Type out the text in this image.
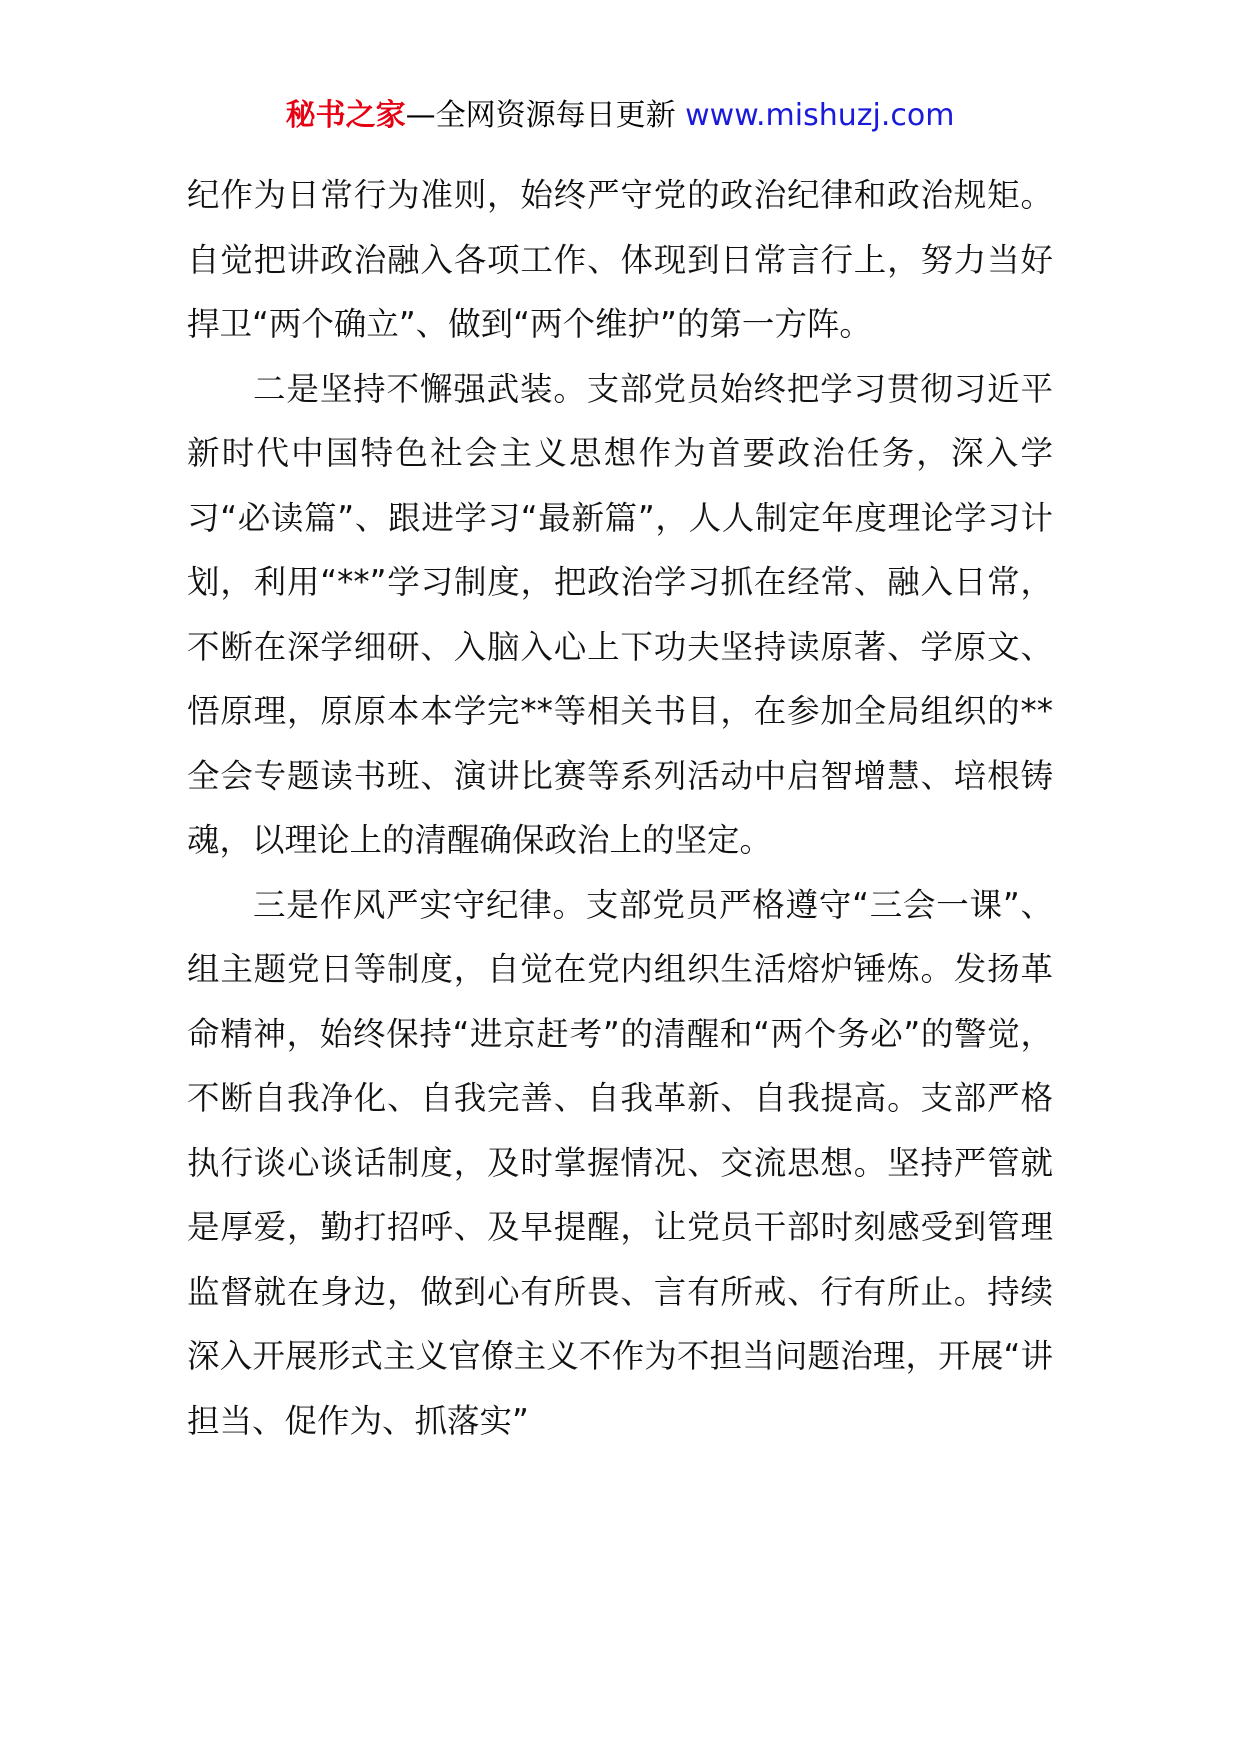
秘书之家—全网资源每日更新 www.mishuzj.com

纪作为日常行为准则，始终严守党的政治纪律和政治规矩。自觉把讲政治融入各项工作、体现到日常言行上，努力当好捍卫“两个确立”、做到“两个维护”的第一方阵。

二是坚持不懈强武装。支部党员始终把学习贯彻习近平新时代中国特色社会主义思想作为首要政治任务，深入学习“必读篇”、跟进学习“最新篇”，人人制定年度理论学习计划，利用“**”学习制度，把政治学习抓在经常、融入日常，不断在深学细研、入脑入心上下功夫坚持读原著、学原文、悟原理，原原本本学完**等相关书目，在参加全局组织的**全会专题读书班、演讲比赛等系列活动中启智增慧、培根铸魂，以理论上的清醒确保政治上的坚定。

三是作风严实守纪律。支部党员严格遵守“三会一课”、组主题党日等制度，自觉在党内组织生活熔炉锤炼。发扬革命精神，始终保持“进京赶考”的清醒和“两个务必”的警觉，不断自我净化、自我完善、自我革新、自我提高。支部严格执行谈心谈话制度，及时掌握情况、交流思想。坚持严管就是厚爱，勤打招呼、及早提醒，让党员干部时刻感受到管理监督就在身边，做到心有所畏、言有所戒、行有所止。持续深入开展形式主义官僚主义不作为不担当问题治理，开展“讲担当、促作为、抓落实”
